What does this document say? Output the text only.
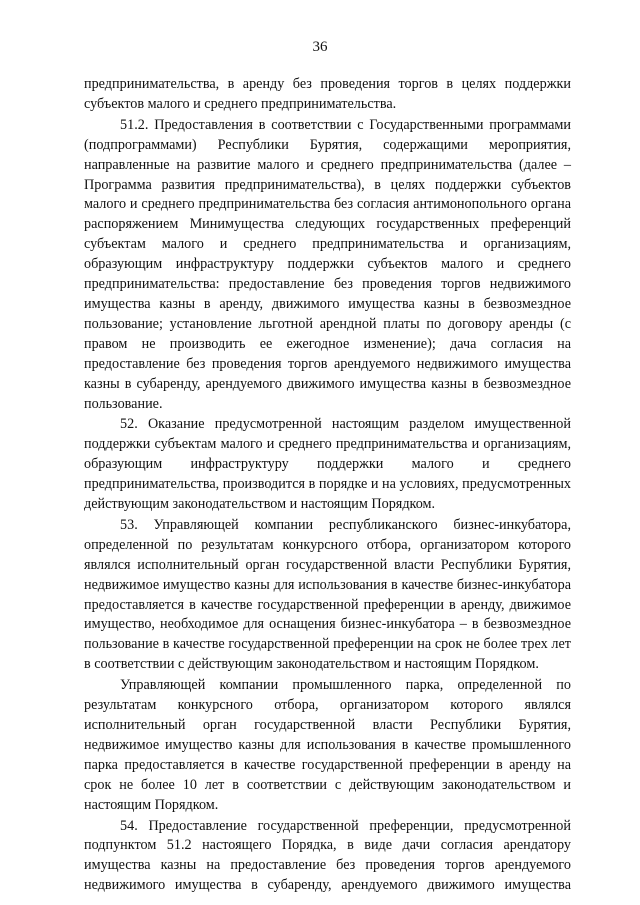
36

предпринимательства, в аренду без проведения торгов в целях поддержки субъектов малого и среднего предпринимательства.

51.2. Предоставления в соответствии с Государственными программами (подпрограммами) Республики Бурятия, содержащими мероприятия, направленные на развитие малого и среднего предпринимательства (далее – Программа развития предпринимательства), в целях поддержки субъектов малого и среднего предпринимательства без согласия антимонопольного органа распоряжением Минимущества следующих государственных преференций субъектам малого и среднего предпринимательства и организациям, образующим инфраструктуру поддержки субъектов малого и среднего предпринимательства: предоставление без проведения торгов недвижимого имущества казны в аренду, движимого имущества казны в безвозмездное пользование; установление льготной арендной платы по договору аренды (с правом не производить ее ежегодное изменение); дача согласия на предоставление без проведения торгов арендуемого недвижимого имущества казны в субаренду, арендуемого движимого имущества казны в безвозмездное пользование.

52. Оказание предусмотренной настоящим разделом имущественной поддержки субъектам малого и среднего предпринимательства и организациям, образующим инфраструктуру поддержки малого и среднего предпринимательства, производится в порядке и на условиях, предусмотренных действующим законодательством и настоящим Порядком.

53. Управляющей компании республиканского бизнес-инкубатора, определенной по результатам конкурсного отбора, организатором которого являлся исполнительный орган государственной власти Республики Бурятия, недвижимое имущество казны для использования в качестве бизнес-инкубатора предоставляется в качестве государственной преференции в аренду, движимое имущество, необходимое для оснащения бизнес-инкубатора – в безвозмездное пользование в качестве государственной преференции на срок не более трех лет в соответствии с действующим законодательством и настоящим Порядком.

Управляющей компании промышленного парка, определенной по результатам конкурсного отбора, организатором которого являлся исполнительный орган государственной власти Республики Бурятия, недвижимое имущество казны для использования в качестве промышленного парка предоставляется в качестве государственной преференции в аренду на срок не более 10 лет в соответствии с действующим законодательством и настоящим Порядком.

54. Предоставление государственной преференции, предусмотренной подпунктом 51.2 настоящего Порядка, в виде дачи согласия арендатору имущества казны на предоставление без проведения торгов арендуемого недвижимого имущества в субаренду, арендуемого движимого имущества
